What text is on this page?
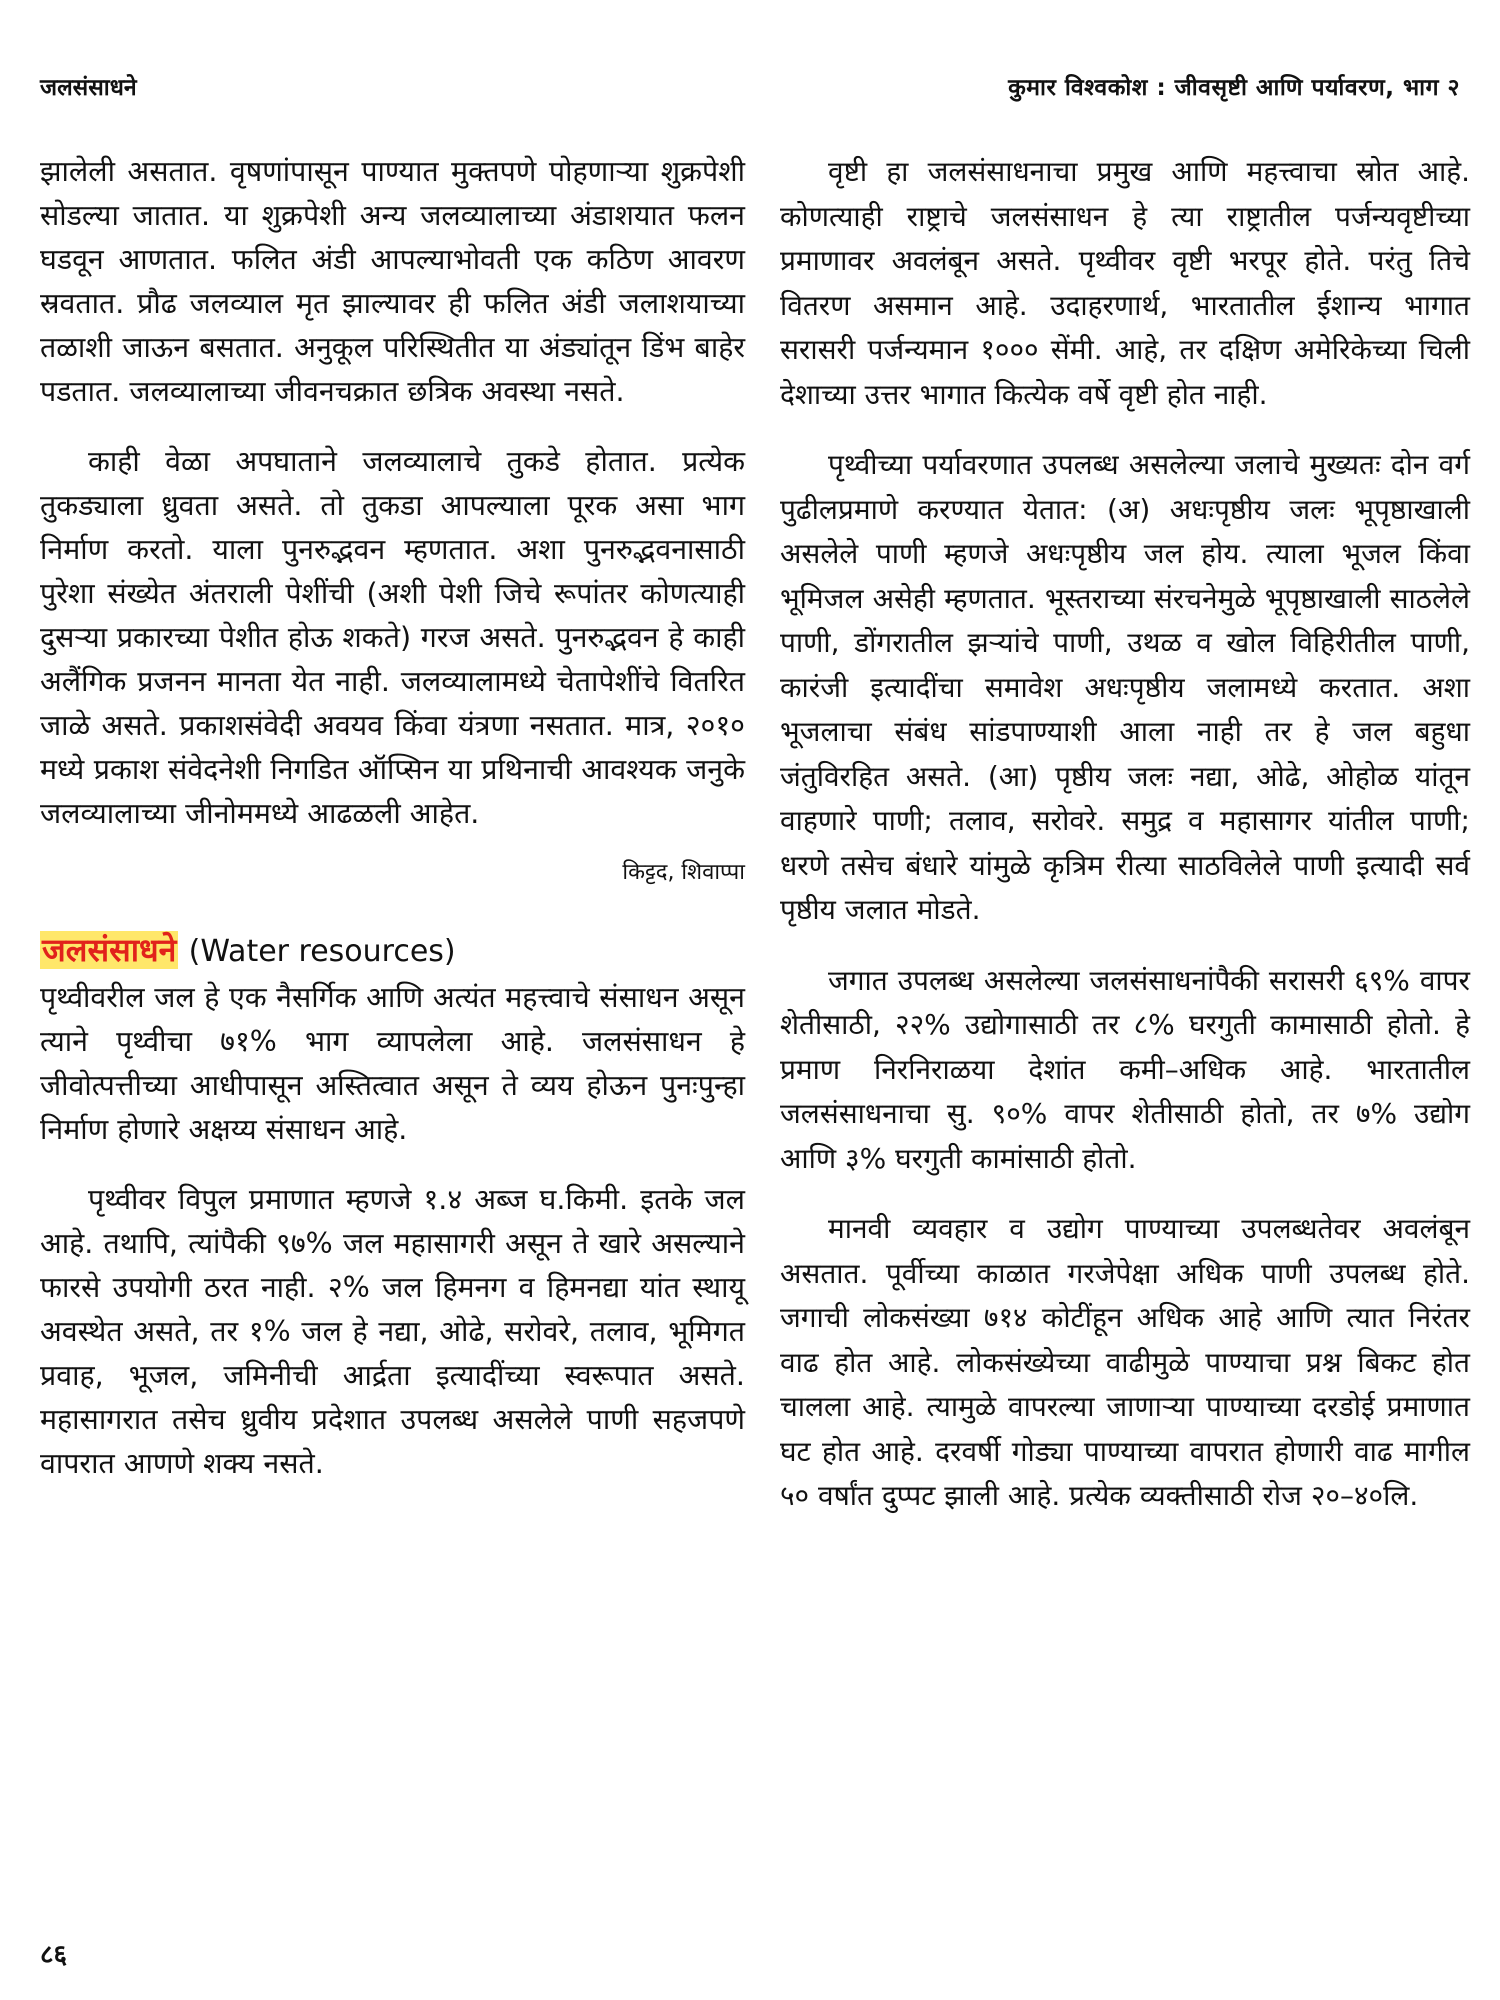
जलसंसाधने	कुमार विश्वकोश : जीवसृष्टी आणि पर्यावरण, भाग २

झालेली असतात. वृषणांपासून पाण्यात मुक्तपणे पोहणाऱ्या शुक्रपेशी सोडल्या जातात. या शुक्रपेशी अन्य जलव्यालाच्या अंडाशयात फलन घडवून आणतात. फलित अंडी आपल्याभोवती एक कठिण आवरण स्रवतात. प्रौढ जलव्याल मृत झाल्यावर ही फलित अंडी जलाशयाच्या तळाशी जाऊन बसतात. अनुकूल परिस्थितीत या अंड्यांतून डिंभ बाहेर पडतात. जलव्यालाच्या जीवनचक्रात छत्रिक अवस्था नसते.

काही वेळा अपघाताने जलव्यालाचे तुकडे होतात. प्रत्येक तुकड्याला ध्रुवता असते. तो तुकडा आपल्याला पूरक असा भाग निर्माण करतो. याला पुनरुद्भवन म्हणतात. अशा पुनरुद्भवनासाठी पुरेशा संख्येत अंतराली पेशींची (अशी पेशी जिचे रूपांतर कोणत्याही दुसऱ्या प्रकारच्या पेशीत होऊ शकते) गरज असते. पुनरुद्भवन हे काही अलैंगिक प्रजनन मानता येत नाही. जलव्यालामध्ये चेतापेशींचे वितरित जाळे असते. प्रकाशसंवेदी अवयव किंवा यंत्रणा नसतात. मात्र, २०१० मध्ये प्रकाश संवेदनेशी निगडित ऑप्सिन या प्रथिनाची आवश्यक जनुके जलव्यालाच्या जीनोममध्ये आढळली आहेत.

किट्टद, शिवाप्पा
जलसंसाधने (Water resources)

पृथ्वीवरील जल हे एक नैसर्गिक आणि अत्यंत महत्त्वाचे संसाधन असून त्याने पृथ्वीचा ७१% भाग व्यापलेला आहे. जलसंसाधन हे जीवोत्पत्तीच्या आधीपासून अस्तित्वात असून ते व्यय होऊन पुनःपुन्हा निर्माण होणारे अक्षय्य संसाधन आहे.

पृथ्वीवर विपुल प्रमाणात म्हणजे १.४ अब्ज घ.किमी. इतके जल आहे. तथापि, त्यांपैकी ९७% जल महासागरी असून ते खारे असल्याने फारसे उपयोगी ठरत नाही. २% जल हिमनग व हिमनद्या यांत स्थायू अवस्थेत असते, तर १% जल हे नद्या, ओढे, सरोवरे, तलाव, भूमिगत प्रवाह, भूजल, जमिनीची आर्द्रता इत्यादींच्या स्वरूपात असते. महासागरात तसेच ध्रुवीय प्रदेशात उपलब्ध असलेले पाणी सहजपणे वापरात आणणे शक्य नसते.

वृष्टी हा जलसंसाधनाचा प्रमुख आणि महत्त्वाचा स्रोत आहे. कोणत्याही राष्ट्राचे जलसंसाधन हे त्या राष्ट्रातील पर्जन्यवृष्टीच्या प्रमाणावर अवलंबून असते. पृथ्वीवर वृष्टी भरपूर होते. परंतु तिचे वितरण असमान आहे. उदाहरणार्थ, भारतातील ईशान्य भागात सरासरी पर्जन्यमान १००० सेंमी. आहे, तर दक्षिण अमेरिकेच्या चिली देशाच्या उत्तर भागात कित्येक वर्षे वृष्टी होत नाही.

पृथ्वीच्या पर्यावरणात उपलब्ध असलेल्या जलाचे मुख्यतः दोन वर्ग पुढीलप्रमाणे करण्यात येतात: (अ) अधःपृष्ठीय जलः भूपृष्ठाखाली असलेले पाणी म्हणजे अधःपृष्ठीय जल होय. त्याला भूजल किंवा भूमिजल असेही म्हणतात. भूस्तराच्या संरचनेमुळे भूपृष्ठाखाली साठलेले पाणी, डोंगरातील झऱ्यांचे पाणी, उथळ व खोल विहिरीतील पाणी, कारंजी इत्यादींचा समावेश अधःपृष्ठीय जलामध्ये करतात. अशा भूजलाचा संबंध सांडपाण्याशी आला नाही तर हे जल बहुधा जंतुविरहित असते. (आ) पृष्ठीय जलः नद्या, ओढे, ओहोळ यांतून वाहणारे पाणी; तलाव, सरोवरे. समुद्र व महासागर यांतील पाणी; धरणे तसेच बंधारे यांमुळे कृत्रिम रीत्या साठविलेले पाणी इत्यादी सर्व पृष्ठीय जलात मोडते.

जगात उपलब्ध असलेल्या जलसंसाधनांपैकी सरासरी ६९% वापर शेतीसाठी, २२% उद्योगासाठी तर ८% घरगुती कामासाठी होतो. हे प्रमाण निरनिराळया देशांत कमी–अधिक आहे. भारतातील जलसंसाधनाचा सु. ९०% वापर शेतीसाठी होतो, तर ७% उद्योग आणि ३% घरगुती कामांसाठी होतो.

मानवी व्यवहार व उद्योग पाण्याच्या उपलब्धतेवर अवलंबून असतात. पूर्वीच्या काळात गरजेपेक्षा अधिक पाणी उपलब्ध होते. जगाची लोकसंख्या ७१४ कोटींहून अधिक आहे आणि त्यात निरंतर वाढ होत आहे. लोकसंख्येच्या वाढीमुळे पाण्याचा प्रश्न बिकट होत चालला आहे. त्यामुळे वापरल्या जाणाऱ्या पाण्याच्या दरडोई प्रमाणात घट होत आहे. दरवर्षी गोड्या पाण्याच्या वापरात होणारी वाढ मागील ५० वर्षांत दुप्पट झाली आहे. प्रत्येक व्यक्तीसाठी रोज २०–४०लि.

८६
